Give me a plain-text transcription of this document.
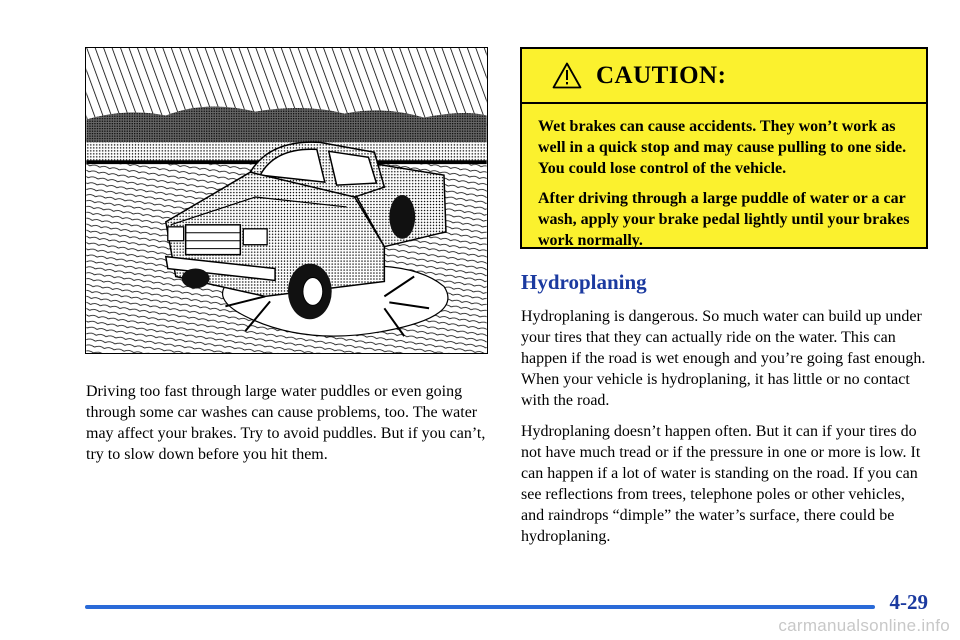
Driving too fast through large water puddles or even going through some car washes can cause problems, too. The water may affect your brakes. Try to avoid puddles. But if you can’t, try to slow down before you hit them.

CAUTION:

Wet brakes can cause accidents. They won’t work as well in a quick stop and may cause pulling to one side. You could lose control of the vehicle.

After driving through a large puddle of water or a car wash, apply your brake pedal lightly until your brakes work normally.

Hydroplaning

Hydroplaning is dangerous. So much water can build up under your tires that they can actually ride on the water. This can happen if the road is wet enough and you’re going fast enough. When your vehicle is hydroplaning, it has little or no contact with the road.

Hydroplaning doesn’t happen often. But it can if your tires do not have much tread or if the pressure in one or more is low. It can happen if a lot of water is standing on the road. If you can see reflections from trees, telephone poles or other vehicles, and raindrops “dimple” the water’s surface, there could be hydroplaning.

4-29

carmanualsonline.info
